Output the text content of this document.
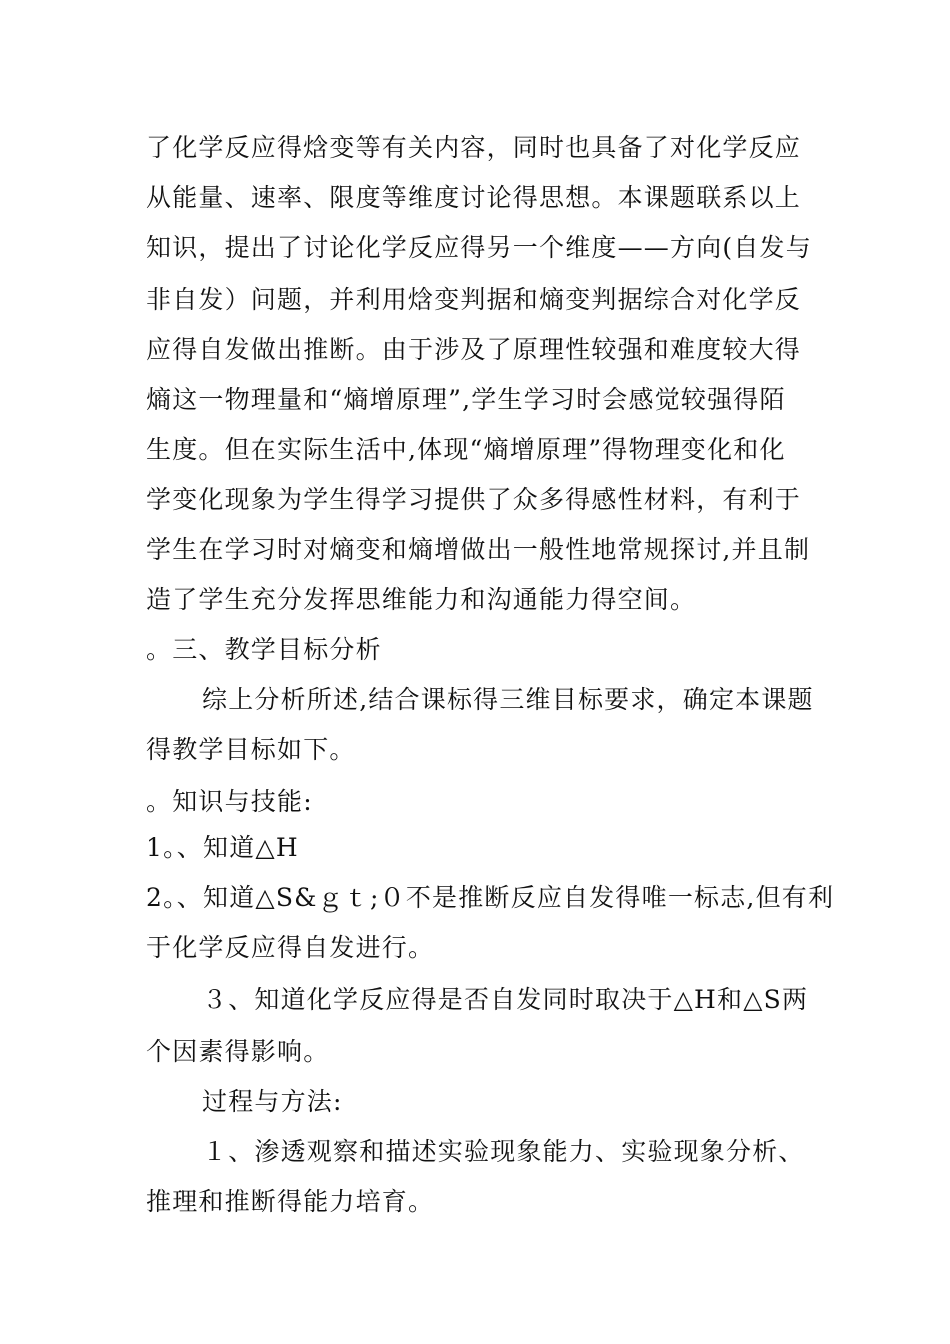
了化学反应得焓变等有关内容，同时也具备了对化学反应
从能量、速率、限度等维度讨论得思想。本课题联系以上
知识，提出了讨论化学反应得另一个维度——方向(自发与
非自发）问题，并利用焓变判据和熵变判据综合对化学反
应得自发做出推断。由于涉及了原理性较强和难度较大得
熵这一物理量和“熵增原理”,学生学习时会感觉较强得陌
生度。但在实际生活中,体现“熵增原理”得物理变化和化
学变化现象为学生得学习提供了众多得感性材料，有利于
学生在学习时对熵变和熵增做出一般性地常规探讨,并且制
造了学生充分发挥思维能力和沟通能力得空间。
。三、教学目标分析
综上分析所述,结合课标得三维目标要求，确定本课题
得教学目标如下。
。知识与技能:
1。、知道△H
2。、知道△S&ｇｔ;０不是推断反应自发得唯一标志,但有利
于化学反应得自发进行。
３、知道化学反应得是否自发同时取决于△H和△S两
个因素得影响。
过程与方法:
１、渗透观察和描述实验现象能力、实验现象分析、
推理和推断得能力培育。
